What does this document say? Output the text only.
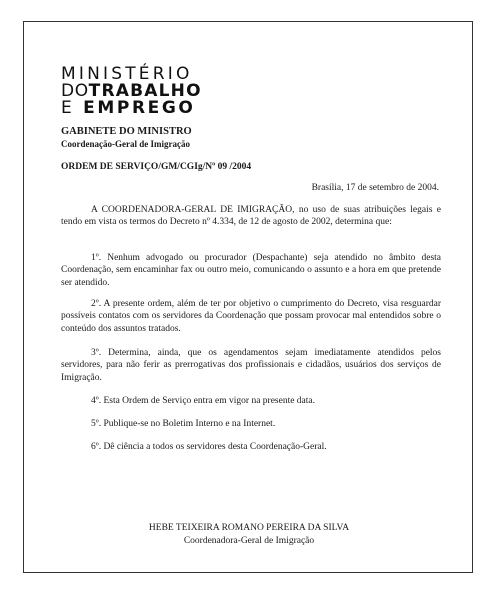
MINISTÉRIO
DOTRABALHO
E EMPREGO
GABINETE DO MINISTRO
Coordenação-Geral de Imigração
ORDEM DE SERVIÇO/GM/CGIg/Nº 09 /2004
Brasília, 17 de setembro de 2004.
A COORDENADORA-GERAL DE IMIGRAÇÃO, no uso de suas atribuições legais e tendo em vista os termos do Decreto nº 4.334, de 12 de agosto de 2002, determina que:
1º. Nenhum advogado ou procurador (Despachante) seja atendido no âmbito desta Coordenação, sem encaminhar fax ou outro meio, comunicando o assunto e a hora em que pretende ser atendido.
2º. A presente ordem, além de ter por objetivo o cumprimento do Decreto, visa resguardar possíveis contatos com os servidores da Coordenação que possam provocar mal entendidos sobre o conteúdo dos assuntos tratados.
3º. Determina, ainda, que os agendamentos sejam imediatamente atendidos pelos servidores, para não ferir as prerrogativas dos profissionais e cidadãos, usuários dos serviços de Imigração.
4º. Esta Ordem de Serviço entra em vigor na presente data.
5º. Publique-se no Boletim Interno e na Internet.
6º. Dê ciência a todos os servidores desta Coordenação-Geral.
HEBE TEIXEIRA ROMANO PEREIRA DA SILVA
Coordenadora-Geral de Imigração
